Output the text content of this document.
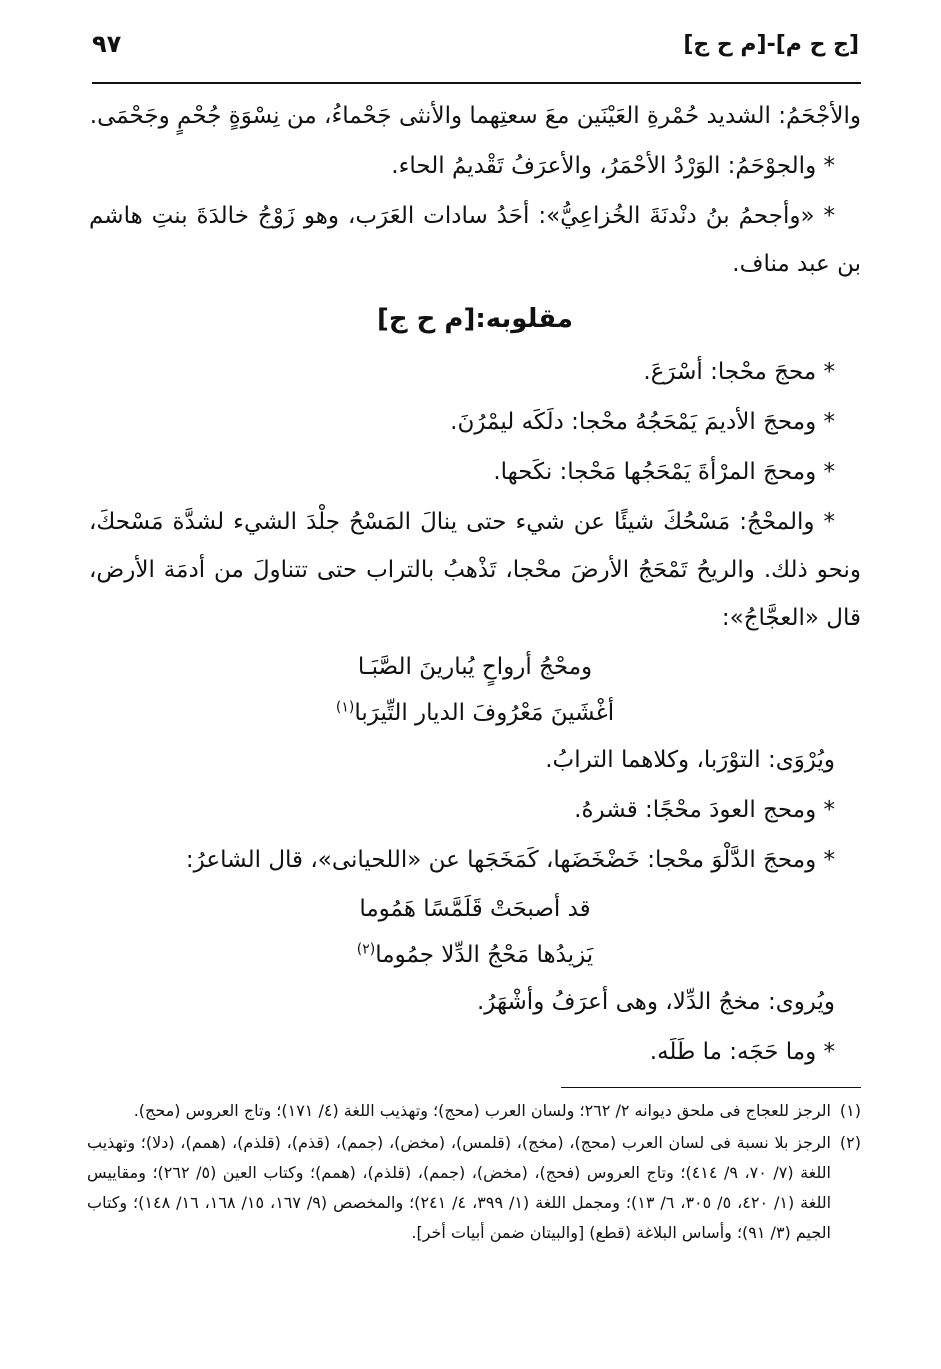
[ج ح م]-[م ح ج]
٩٧

والأجْحَمُ: الشديد حُمْرةِ العَيْنَين معَ سعتِهما والأنثى جَحْماءُ، من نِسْوَةٍ جُحْمٍ وجَحْمَى.

* والجوْحَمُ: الوَرْدُ الأحْمَرُ، والأعرَفُ تَقْديمُ الحاء.

* «وأجحمُ بنُ دنْدنَةَ الخُزاعِيُّ»: أحَدُ سادات العَرَب، وهو زَوْجُ خالدَةَ بنتِ هاشم بن عبد مناف.

مقلوبه:[م ح ج]

* محجَ محْجا: أسْرَعَ.

* ومحجَ الأديمَ يَمْحَجُهُ محْجا: دلَكَه ليمْرُنَ.

* ومحجَ المرْأةَ يَمْحَجُها مَحْجا: نكَحها.

* والمحْجُ: مَسْحُكَ شيئًا عن شيء حتى ينالَ المَسْحُ جلْدَ الشيء لشدَّة مَسْحكَ، ونحو ذلك. والريحُ تَمْحَجُ الأرضَ محْجا، تَذْهبُ بالتراب حتى تتناولَ من أدمَة الأرض، قال «العجَّاجُ»:

ومحْجُ أرواحٍ يُبارينَ الصَّبَـا
أغْشَينَ مَعْرُوفَ الديار التِّيرَبا$^{(١)}$

ويُرْوَى: التوْرَبا، وكلاهما الترابُ.

* ومحج العودَ محْجًا: قشرهُ.

* ومحجَ الدَّلْوَ محْجا: خَضْخَضَها، كَمَخَجَها عن «اللحيانى»، قال الشاعرُ:

قد أصبحَتْ قَلَمَّسًا هَمُوما
يَزيدُها مَحْجُ الدِّلا جمُوما$^{(٢)}$

ويُروى: مخجُ الدِّلا، وهى أعرَفُ وأشْهَرُ.

* وما حَجَه: ما طَلَه.

(١)
الرجز للعجاج فى ملحق ديوانه ٢/ ٢٦٢؛ ولسان العرب (محج)؛ وتهذيب اللغة (٤/ ١٧١)؛ وتاج العروس (محج).

(٢)
الرجز بلا نسبة فى لسان العرب (محج)، (مخج)، (قلمس)، (مخض)، (جمم)، (قذم)، (قلذم)، (همم)، (دلا)؛ وتهذيب اللغة (٧/ ٧٠، ٩/ ٤١٤)؛ وتاج العروس (فحج)، (مخض)، (جمم)، (قلذم)، (همم)؛ وكتاب العين (٥/ ٢٦٢)؛ ومقاييس اللغة (١/ ٤٢٠، ٥/ ٣٠٥، ٦/ ١٣)؛ ومجمل اللغة (١/ ٣٩٩، ٤/ ٢٤١)؛ والمخصص (٩/ ١٦٧، ١٥/ ١٦٨، ١٦/ ١٤٨)؛ وكتاب الجيم (٣/ ٩١)؛ وأساس البلاغة (قطع) [والبيتان ضمن أبيات أخر].
